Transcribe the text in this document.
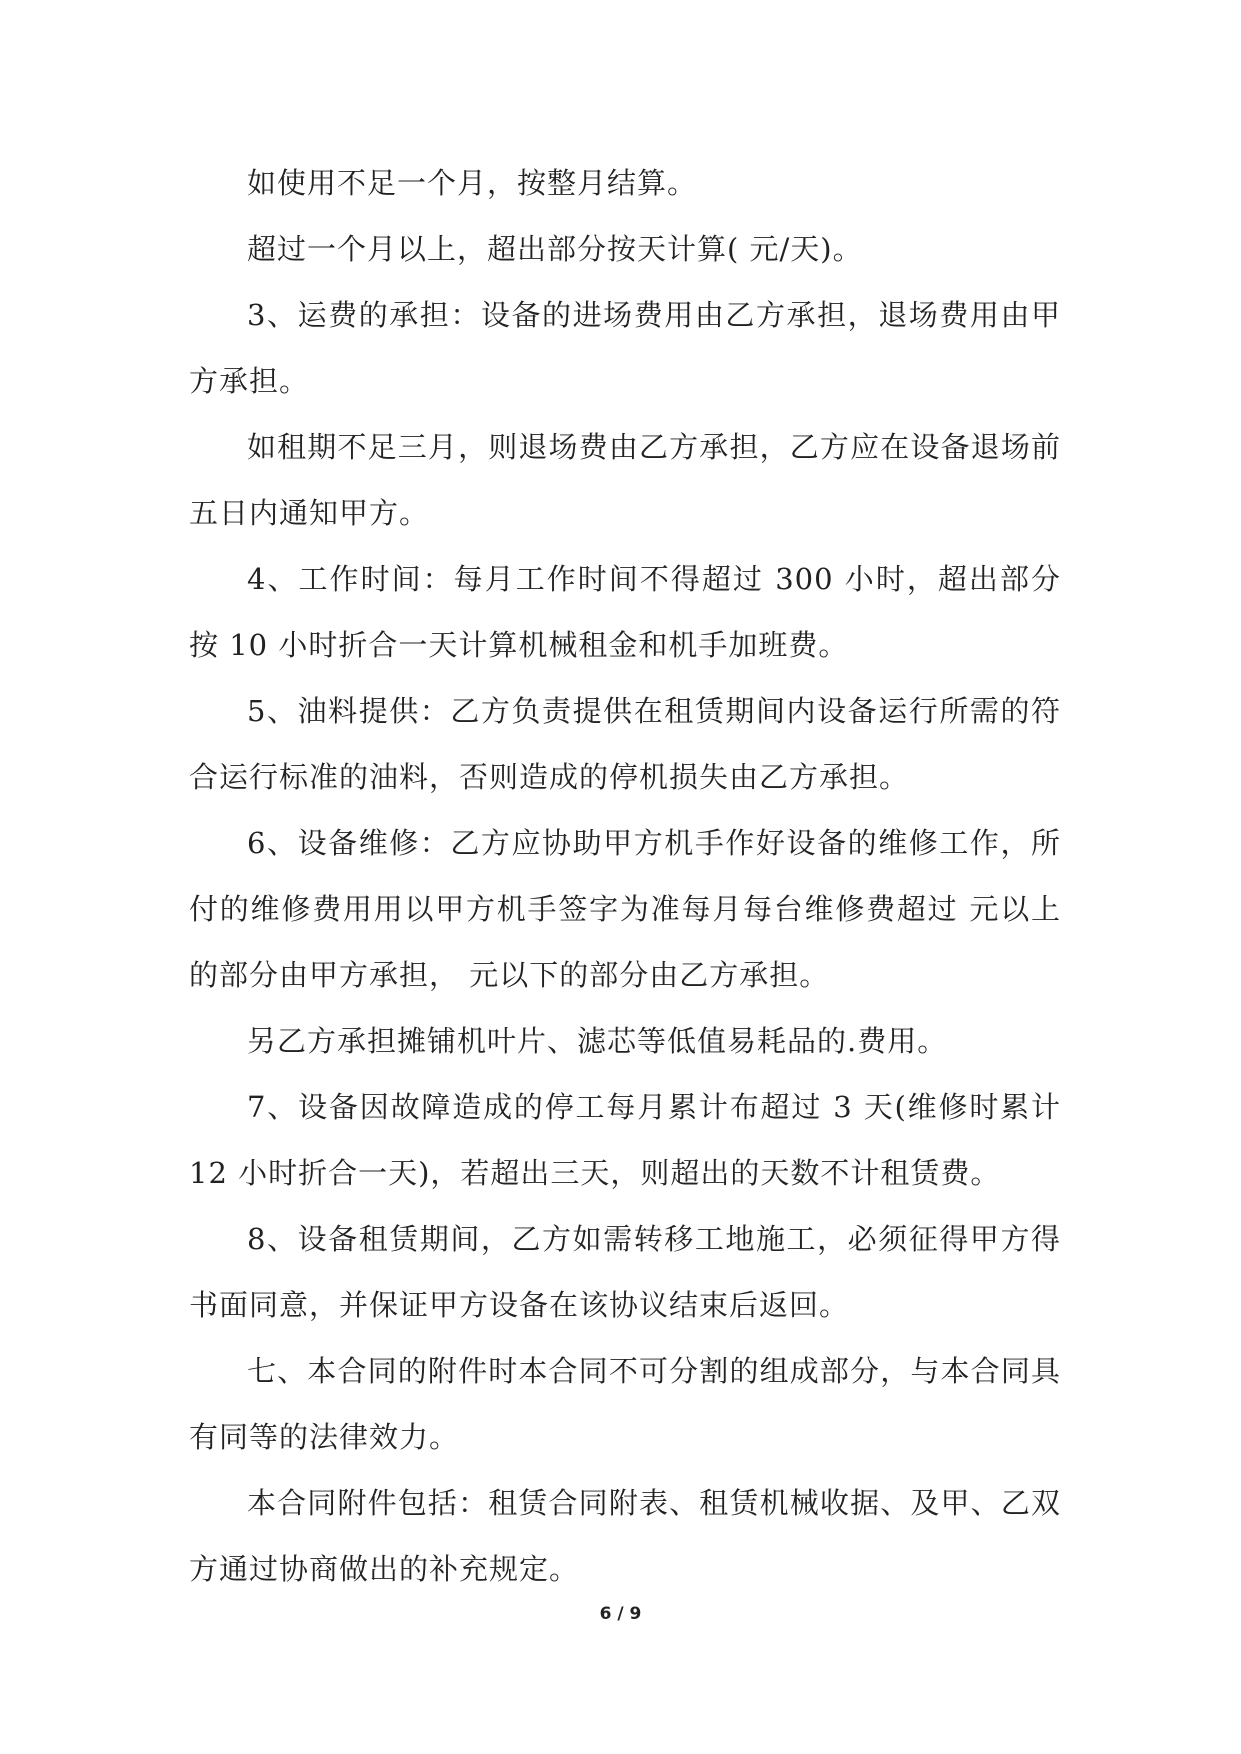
如使用不足一个月，按整月结算。

超过一个月以上，超出部分按天计算( 元/天)。

3、运费的承担：设备的进场费用由乙方承担，退场费用由甲方承担。

如租期不足三月，则退场费由乙方承担，乙方应在设备退场前五日内通知甲方。

4、工作时间：每月工作时间不得超过 300 小时，超出部分按 10 小时折合一天计算机械租金和机手加班费。

5、油料提供：乙方负责提供在租赁期间内设备运行所需的符合运行标准的油料，否则造成的停机损失由乙方承担。

6、设备维修：乙方应协助甲方机手作好设备的维修工作，所付的维修费用用以甲方机手签字为准每月每台维修费超过 元以上的部分由甲方承担， 元以下的部分由乙方承担。

另乙方承担摊铺机叶片、滤芯等低值易耗品的.费用。

7、设备因故障造成的停工每月累计布超过 3 天(维修时累计 12 小时折合一天)，若超出三天，则超出的天数不计租赁费。

8、设备租赁期间，乙方如需转移工地施工，必须征得甲方得书面同意，并保证甲方设备在该协议结束后返回。

七、本合同的附件时本合同不可分割的组成部分，与本合同具有同等的法律效力。

本合同附件包括：租赁合同附表、租赁机械收据、及甲、乙双方通过协商做出的补充规定。

6 / 9
